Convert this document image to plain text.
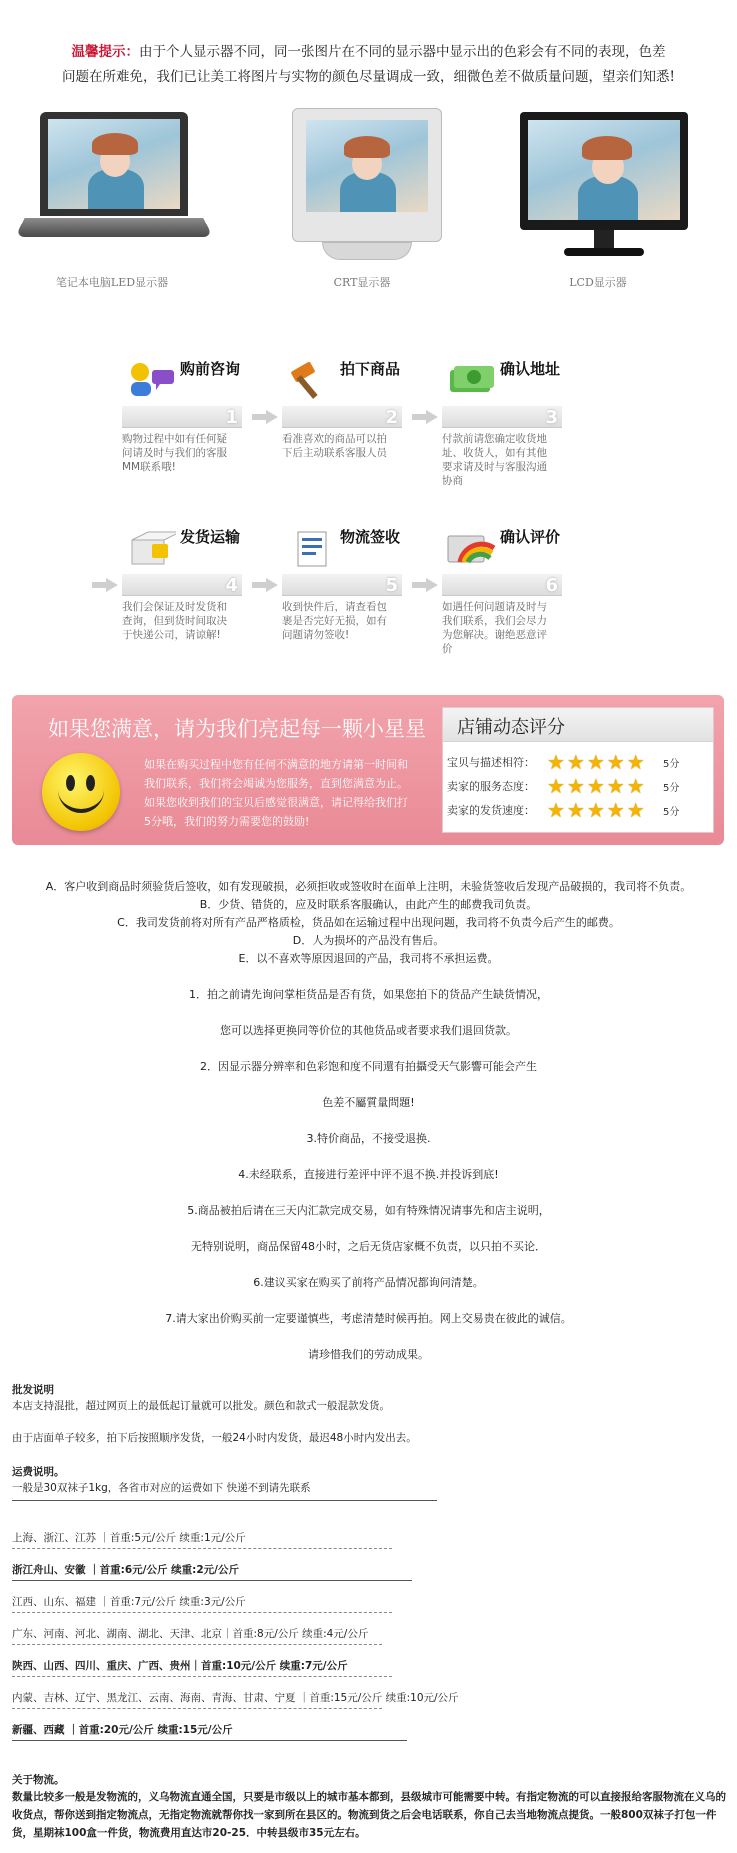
温馨提示：由于个人显示器不同，同一张图片在不同的显示器中显示出的色彩会有不同的表现，色差
问题在所难免，我们已让美工将图片与实物的颜色尽量调成一致，细微色差不做质量问题，望亲们知悉!
笔记本电脑LED显示器	CRT显示器	LCD显示器
购前咨询
1
购物过程中如有任何疑问请及时与我们的客服MM联系哦!
拍下商品
2
看准喜欢的商品可以拍下后主动联系客服人员
确认地址
3
付款前请您确定收货地址、收货人，如有其他要求请及时与客服沟通协商
发货运输
4
我们会保证及时发货和查询，但到货时间取决于快递公司，请谅解!
物流签收
5
收到快件后，请查看包裹是否完好无损，如有问题请勿签收!
确认评价
6
如遇任何问题请及时与我们联系，我们会尽力为您解决。谢绝恶意评价
如果您满意，请为我们亮起每一颗小星星
如果在购买过程中您有任何不满意的地方请第一时间和我们联系，我们将会竭诚为您服务，直到您满意为止。如果您收到我们的宝贝后感觉很满意，请记得给我们打5分哦，我们的努力需要您的鼓励!
店铺动态评分
宝贝与描述相符： ★★★★★ 5分
卖家的服务态度： ★★★★★ 5分
卖家的发货速度： ★★★★★ 5分
A．客户收到商品时须验货后签收，如有发现破损，必须拒收或签收时在面单上注明，未验货签收后发现产品破损的，我司将不负责。
B．少货、错货的，应及时联系客服确认，由此产生的邮费我司负责。
C．我司发货前将对所有产品严格质检，货品如在运输过程中出现问题，我司将不负责今后产生的邮费。
D．人为损坏的产品没有售后。
E．以不喜欢等原因退回的产品，我司将不承担运费。
1．拍之前请先询问掌柜货品是否有货，如果您拍下的货品产生缺货情况，
您可以选择更换同等价位的其他货品或者要求我们退回货款。
2．因显示器分辨率和色彩饱和度不同還有拍攝受天气影響可能会产生
色差不屬質量問題!
3.特价商品，不接受退换.
4.未经联系，直接进行差评中评不退不换.并投诉到底!
5.商品被拍后请在三天内汇款完成交易，如有特殊情况请事先和店主说明，
无特别说明，商品保留48小时，之后无货店家概不负责，以只拍不买论．
6.建议买家在购买了前将产品情况都询问清楚。
7.请大家出价购买前一定要谨慎些，考虑清楚时候再拍。网上交易贵在彼此的诚信。
请珍惜我们的劳动成果。
批发说明
本店支持混批，超过网页上的最低起订量就可以批发。颜色和款式一般混款发货。
由于店面单子较多，拍下后按照顺序发货，一般24小时内发货，最迟48小时内发出去。
运费说明。
一般是30双袜子1kg，各省市对应的运费如下 快递不到请先联系
上海、浙江、江苏 ｜首重:5元/公斤 续重:1元/公斤
浙江舟山、安徽 ｜首重:6元/公斤 续重:2元/公斤
江西、山东、福建 ｜首重:7元/公斤 续重:3元/公斤
广东、河南、河北、湖南、湖北、天津、北京｜首重:8元/公斤 续重:4元/公斤
陕西、山西、四川、重庆、广西、贵州｜首重:10元/公斤 续重:7元/公斤
内蒙、吉林、辽宁、黑龙江、云南、海南、青海、甘肃、宁夏 ｜首重:15元/公斤 续重:10元/公斤
新疆、西藏 ｜首重:20元/公斤 续重:15元/公斤
关于物流。
数量比较多一般是发物流的，义乌物流直通全国，只要是市级以上的城市基本都到，县级城市可能需要中转。有指定物流的可以直接报给客服物流在义乌的收货点，帮你送到指定物流点，无指定物流就帮你找一家到所在县区的。物流到货之后会电话联系，你自己去当地物流点提货。一般800双袜子打包一件货，星期袜100盒一件货，物流费用直达市20-25．中转县级市35元左右。
